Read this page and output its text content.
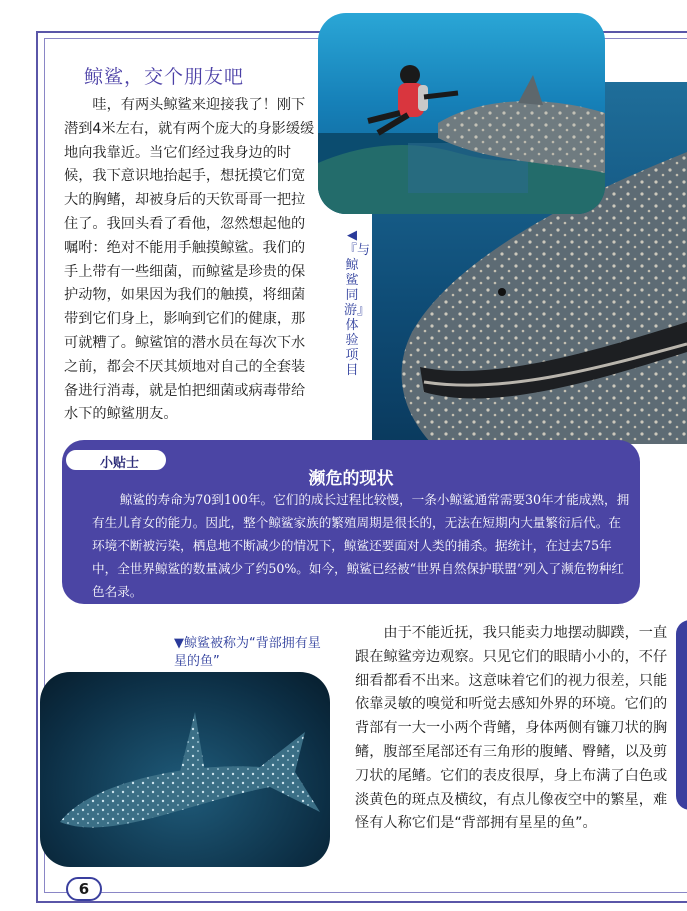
◀『与鲸鲨同游』体验项目
鲸鲨，交个朋友吧

哇，有两头鲸鲨来迎接我了！刚下潜到4米左右，就有两个庞大的身影缓缓地向我靠近。当它们经过我身边的时候，我下意识地抬起手，想抚摸它们宽大的胸鳍，却被身后的天钦哥哥一把拉住了。我回头看了看他，忽然想起他的嘱咐：绝对不能用手触摸鲸鲨。我们的手上带有一些细菌，而鲸鲨是珍贵的保护动物，如果因为我们的触摸，将细菌带到它们身上，影响到它们的健康，那可就糟了。鲸鲨馆的潜水员在每次下水之前，都会不厌其烦地对自己的全套装备进行消毒，就是怕把细菌或病毒带给水下的鲸鲨朋友。

小贴士
濒危的现状

鲸鲨的寿命为70到100年。它们的成长过程比较慢，一条小鲸鲨通常需要30年才能成熟，拥有生儿育女的能力。因此，整个鲸鲨家族的繁殖周期是很长的，无法在短期内大量繁衍后代。在环境不断被污染，栖息地不断减少的情况下，鲸鲨还要面对人类的捕杀。据统计，在过去75年中，全世界鲸鲨的数量减少了约50%。如今，鲸鲨已经被“世界自然保护联盟”列入了濒危物种红色名录。

▼鲸鲨被称为“背部拥有星星的鱼”

由于不能近抚，我只能卖力地摆动脚蹼，一直跟在鲸鲨旁边观察。只见它们的眼睛小小的，不仔细看都看不出来。这意味着它们的视力很差，只能依靠灵敏的嗅觉和听觉去感知外界的环境。它们的背部有一大一小两个背鳍，身体两侧有镰刀状的胸鳍，腹部至尾部还有三角形的腹鳍、臀鳍，以及剪刀状的尾鳍。它们的表皮很厚，身上布满了白色或淡黄色的斑点及横纹，有点儿像夜空中的繁星，难怪有人称它们是“背部拥有星星的鱼”。

6
